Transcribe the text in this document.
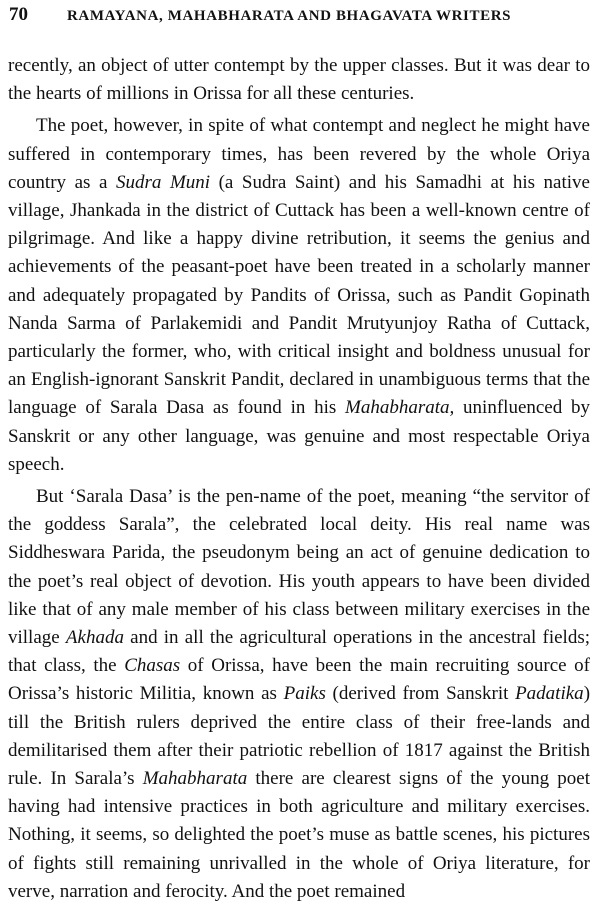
70	RAMAYANA, MAHABHARATA AND BHAGAVATA WRITERS

recently, an object of utter contempt by the upper classes. But it was dear to the hearts of millions in Orissa for all these centuries.

The poet, however, in spite of what contempt and neglect he might have suffered in contemporary times, has been revered by the whole Oriya country as a Sudra Muni (a Sudra Saint) and his Samadhi at his native village, Jhankada in the district of Cuttack has been a well-known centre of pilgrimage. And like a happy divine retribution, it seems the genius and achievements of the peasant-poet have been treated in a scholarly manner and adequately propagated by Pandits of Orissa, such as Pandit Gopinath Nanda Sarma of Parlakemidi and Pandit Mrutyunjoy Ratha of Cuttack, particularly the former, who, with critical insight and boldness unusual for an English-ignorant Sanskrit Pandit, declared in unambiguous terms that the language of Sarala Dasa as found in his Mahabharata, uninfluenced by Sanskrit or any other language, was genuine and most respectable Oriya speech.

But ‘Sarala Dasa’ is the pen-name of the poet, meaning “the servitor of the goddess Sarala”, the celebrated local deity. His real name was Siddheswara Parida, the pseudonym being an act of genuine dedication to the poet’s real object of devotion. His youth appears to have been divided like that of any male member of his class between military exercises in the village Akhada and in all the agricultural operations in the ancestral fields; that class, the Chasas of Orissa, have been the main recruiting source of Orissa’s historic Militia, known as Paiks (derived from Sanskrit Padatika) till the British rulers deprived the entire class of their free-lands and demilitarised them after their patriotic rebellion of 1817 against the British rule. In Sarala’s Mahabharata there are clearest signs of the young poet having had intensive practices in both agriculture and military exercises. Nothing, it seems, so delighted the poet’s muse as battle scenes, his pictures of fights still remaining unrivalled in the whole of Oriya literature, for verve, narration and ferocity. And the poet remained
